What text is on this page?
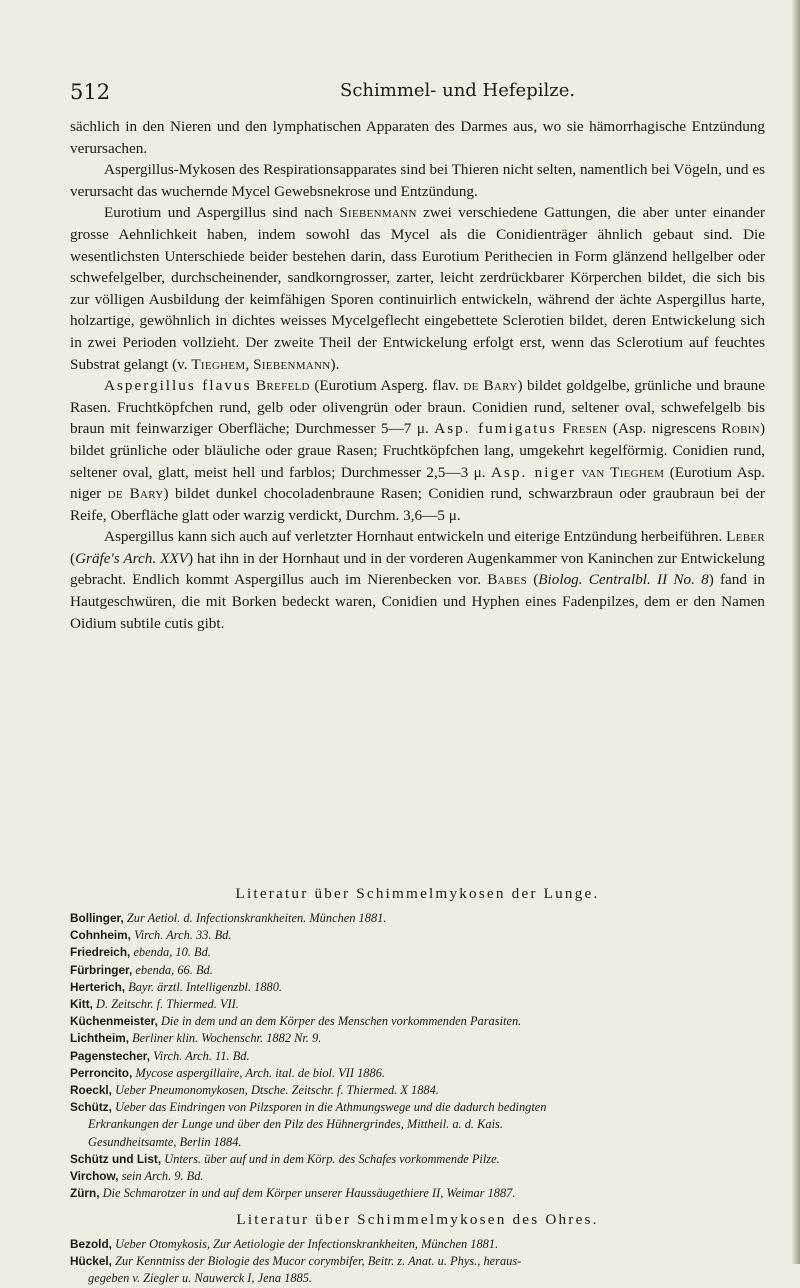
512	Schimmel- und Hefepilze.

sächlich in den Nieren und den lymphatischen Apparaten des Darmes aus, wo sie hämorrhagische Entzündung verursachen.

Aspergillus-Mykosen des Respirationsapparates sind bei Thieren nicht selten, namentlich bei Vögeln, und es verursacht das wuchernde Mycel Gewebsnekrose und Entzündung.

Eurotium und Aspergillus sind nach Siebenmann zwei verschiedene Gattungen, die aber unter einander grosse Aehnlichkeit haben, indem sowohl das Mycel als die Conidienträger ähnlich gebaut sind. Die wesentlichsten Unterschiede beider bestehen darin, dass Eurotium Perithecien in Form glänzend hellgelber oder schwefelgelber, durchscheinender, sandkorngrosser, zarter, leicht zerdrückbarer Körperchen bildet, die sich bis zur völligen Ausbildung der keimfähigen Sporen continuirlich entwickeln, während der ächte Aspergillus harte, holzartige, gewöhnlich in dichtes weisses Mycelgeflecht eingebettete Sclerotien bildet, deren Entwickelung sich in zwei Perioden vollzieht. Der zweite Theil der Entwickelung erfolgt erst, wenn das Sclerotium auf feuchtes Substrat gelangt (v. Tieghem, Siebenmann).

Aspergillus flavus Brefeld (Eurotium Asperg. flav. de Bary) bildet goldgelbe, grünliche und braune Rasen. Fruchtköpfchen rund, gelb oder olivengrün oder braun. Conidien rund, seltener oval, schwefelgelb bis braun mit feinwarziger Oberfläche; Durchmesser 5—7 μ. Asp. fumigatus Fresen (Asp. nigrescens Robin) bildet grünliche oder bläuliche oder graue Rasen; Fruchtköpfchen lang, umgekehrt kegelförmig. Conidien rund, seltener oval, glatt, meist hell und farblos; Durchmesser 2,5—3 μ. Asp. niger van Tieghem (Eurotium Asp. niger de Bary) bildet dunkel chocoladenbraune Rasen; Conidien rund, schwarzbraun oder graubraun bei der Reife, Oberfläche glatt oder warzig verdickt, Durchm. 3,6—5 μ.

Aspergillus kann sich auch auf verletzter Hornhaut entwickeln und eiterige Entzündung herbeiführen. Leber (Gräfe's Arch. XXV) hat ihn in der Hornhaut und in der vorderen Augenkammer von Kaninchen zur Entwickelung gebracht. Endlich kommt Aspergillus auch im Nierenbecken vor. Babes (Biolog. Centralbl. II No. 8) fand in Hautgeschwüren, die mit Borken bedeckt waren, Conidien und Hyphen eines Fadenpilzes, dem er den Namen Oidium subtile cutis gibt.

Literatur über Schimmelmykosen der Lunge.
Bollinger, Zur Aetiol. d. Infectionskrankheiten. München 1881.
Cohnheim, Virch. Arch. 33. Bd.
Friedreich, ebenda, 10. Bd.
Fürbringer, ebenda, 66. Bd.
Herterich, Bayr. ärztl. Intelligenzbl. 1880.
Kitt, D. Zeitschr. f. Thiermed. VII.
Küchenmeister, Die in dem und an dem Körper des Menschen vorkommenden Parasiten.
Lichtheim, Berliner klin. Wochenschr. 1882 Nr. 9.
Pagenstecher, Virch. Arch. 11. Bd.
Perroncito, Mycose aspergillaire, Arch. ital. de biol. VII 1886.
Roeckl, Ueber Pneumonomykosen, Dtsche. Zeitschr. f. Thiermed. X 1884.
Schütz, Ueber das Eindringen von Pilzsporen in die Athmungswege und die dadurch bedingten
Erkrankungen der Lunge und über den Pilz des Hühnergrindes, Mittheil. a. d. Kais.
Gesundheitsamte, Berlin 1884.
Schütz und List, Unters. über auf und in dem Körp. des Schafes vorkommende Pilze.
Virchow, sein Arch. 9. Bd.
Zürn, Die Schmarotzer in und auf dem Körper unserer Haussäugethiere II, Weimar 1887.
Literatur über Schimmelmykosen des Ohres.
Bezold, Ueber Otomykosis, Zur Aetiologie der Infectionskrankheiten, München 1881.
Hückel, Zur Kenntniss der Biologie des Mucor corymbifer, Beitr. z. Anat. u. Phys., heraus-
gegeben v. Ziegler u. Nauwerck I, Jena 1885.
